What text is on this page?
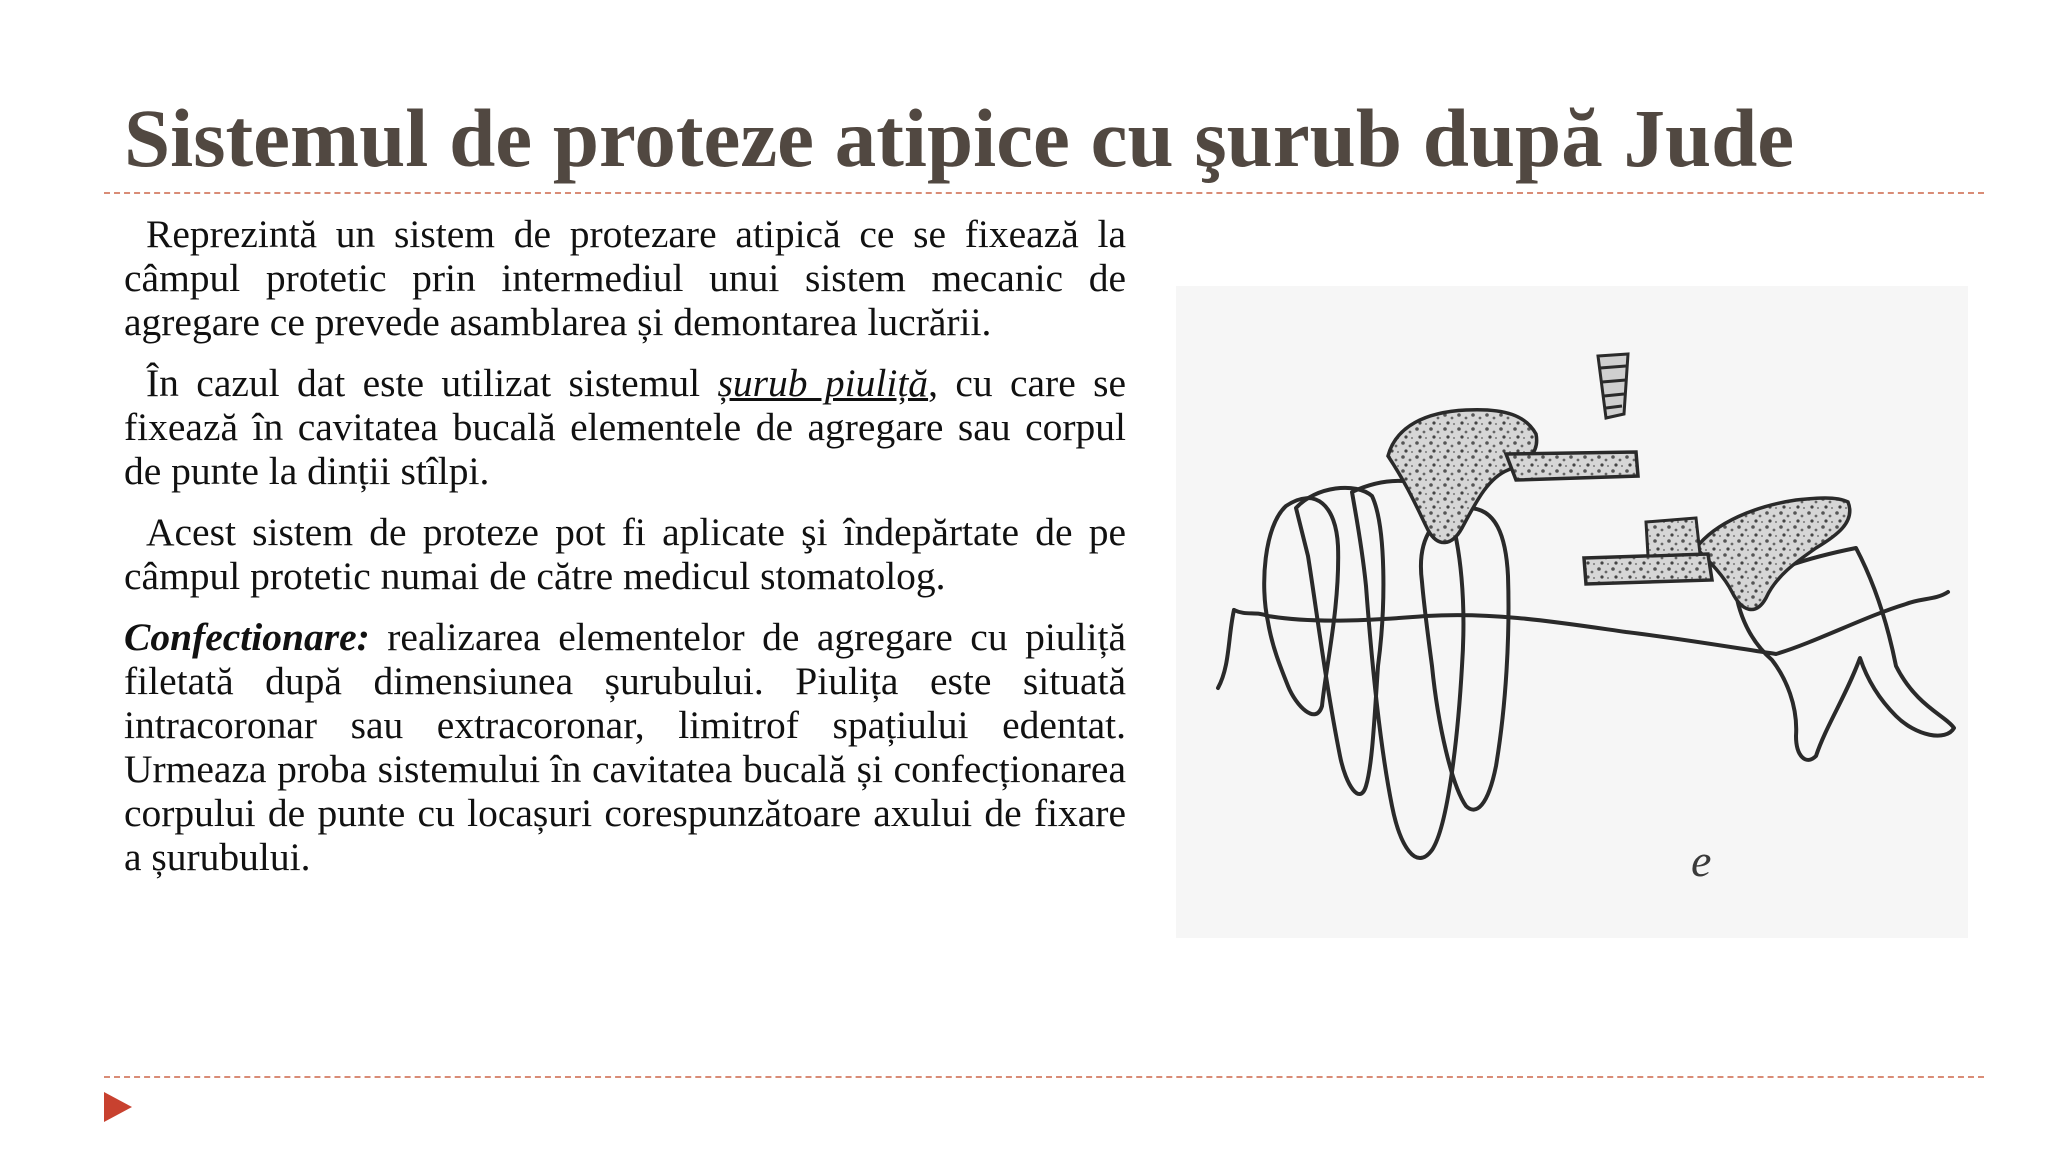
Sistemul de proteze atipice cu şurub după Jude

Reprezintă un sistem de protezare atipică ce se fixează la câmpul protetic prin intermediul unui sistem mecanic de agregare ce prevede asamblarea și demontarea lucrării.

În cazul dat este utilizat sistemul șurub piuliță, cu care se fixează în cavitatea bucală elementele de agregare sau corpul de punte la dinții stîlpi.

Acest sistem de proteze pot fi aplicate şi îndepărtate de pe câmpul protetic numai de către medicul stomatolog.

Confectionare: realizarea elementelor de agregare cu piuliță filetată după dimensiunea șurubului. Piulița este situată intracoronar sau extracoronar, limitrof spațiului edentat. Urmeaza proba sistemului în cavitatea bucală și confecționarea corpului de punte cu locașuri corespunzătoare axului de fixare a șurubului.	e
